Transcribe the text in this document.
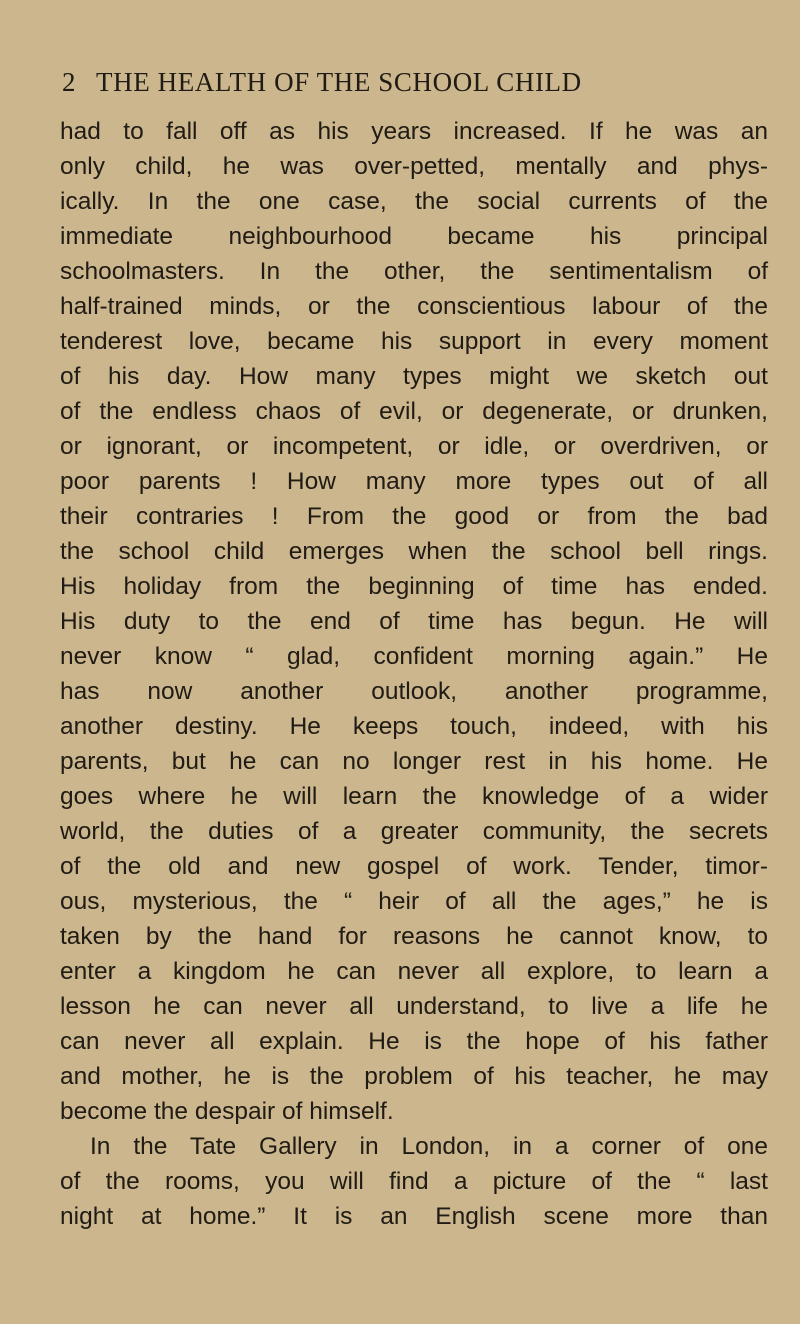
2 THE HEALTH OF THE SCHOOL CHILD
had to fall off as his years increased. If he was an
only child, he was over-petted, mentally and phys-
ically. In the one case, the social currents of the
immediate neighbourhood became his principal
schoolmasters. In the other, the sentimentalism of
half-trained minds, or the conscientious labour of the
tenderest love, became his support in every moment
of his day. How many types might we sketch out
of the endless chaos of evil, or degenerate, or drunken,
or ignorant, or incompetent, or idle, or overdriven, or
poor parents ! How many more types out of all
their contraries ! From the good or from the bad
the school child emerges when the school bell rings.
His holiday from the beginning of time has ended.
His duty to the end of time has begun. He will
never know “ glad, confident morning again.” He
has now another outlook, another programme,
another destiny. He keeps touch, indeed, with his
parents, but he can no longer rest in his home. He
goes where he will learn the knowledge of a wider
world, the duties of a greater community, the secrets
of the old and new gospel of work. Tender, timor-
ous, mysterious, the “ heir of all the ages,” he is
taken by the hand for reasons he cannot know, to
enter a kingdom he can never all explore, to learn a
lesson he can never all understand, to live a life he
can never all explain. He is the hope of his father
and mother, he is the problem of his teacher, he may
become the despair of himself.
In the Tate Gallery in London, in a corner of one
of the rooms, you will find a picture of the “ last
night at home.” It is an English scene more than
